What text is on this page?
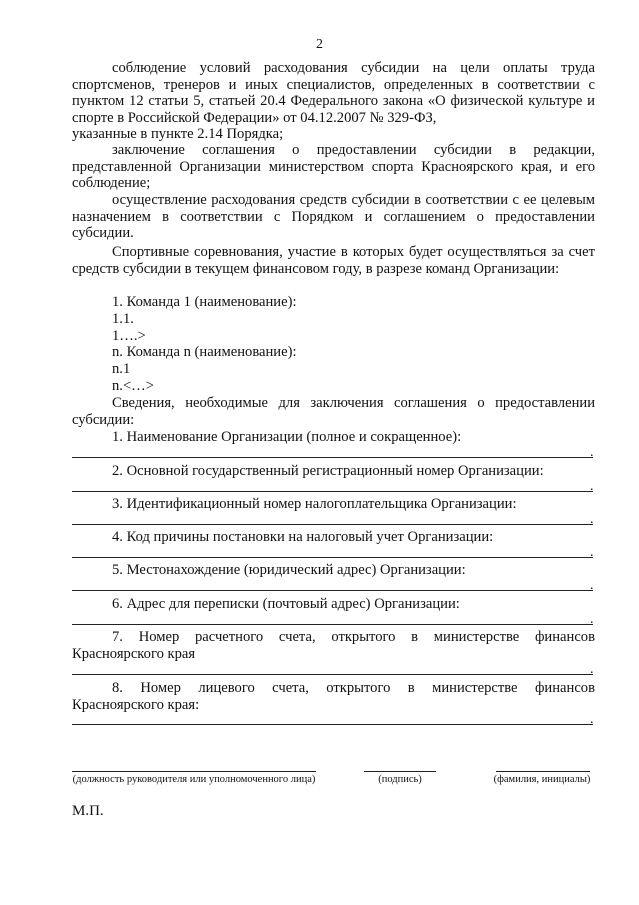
2
соблюдение условий расходования субсидии на цели оплаты труда спортсменов, тренеров и иных специалистов, определенных в соответствии с пунктом 12 статьи 5, статьей 20.4 Федерального закона «О физической культуре и спорте в Российской Федерации» от 04.12.2007 № 329-ФЗ,
указанные в пункте 2.14 Порядка;
заключение соглашения о предоставлении субсидии в редакции, представленной Организации министерством спорта Красноярского края, и его соблюдение;
осуществление расходования средств субсидии в соответствии с ее целевым назначением в соответствии с Порядком и соглашением о предоставлении субсидии.
Спортивные соревнования, участие в которых будет осуществляться за счет средств субсидии в текущем финансовом году, в разрезе команд Организации:
1. Команда 1 (наименование):
1.1.
1….>
n. Команда n (наименование):
n.1
n.<…>
Сведения, необходимые для заключения соглашения о предоставлении субсидии:
1. Наименование Организации (полное и сокращенное):
.
2. Основной государственный регистрационный номер Организации:
.
3. Идентификационный номер налогоплательщика Организации:
.
4. Код причины постановки на налоговый учет Организации:
.
5. Местонахождение (юридический адрес) Организации:
.
6. Адрес для переписки (почтовый адрес) Организации:
.
7. Номер расчетного счета, открытого в министерстве финансов
Красноярского края
.
8. Номер лицевого счета, открытого в министерстве финансов
Красноярского края:
.
(должность руководителя или уполномоченного лица)	(подпись)	(фамилия, инициалы)
М.П.
